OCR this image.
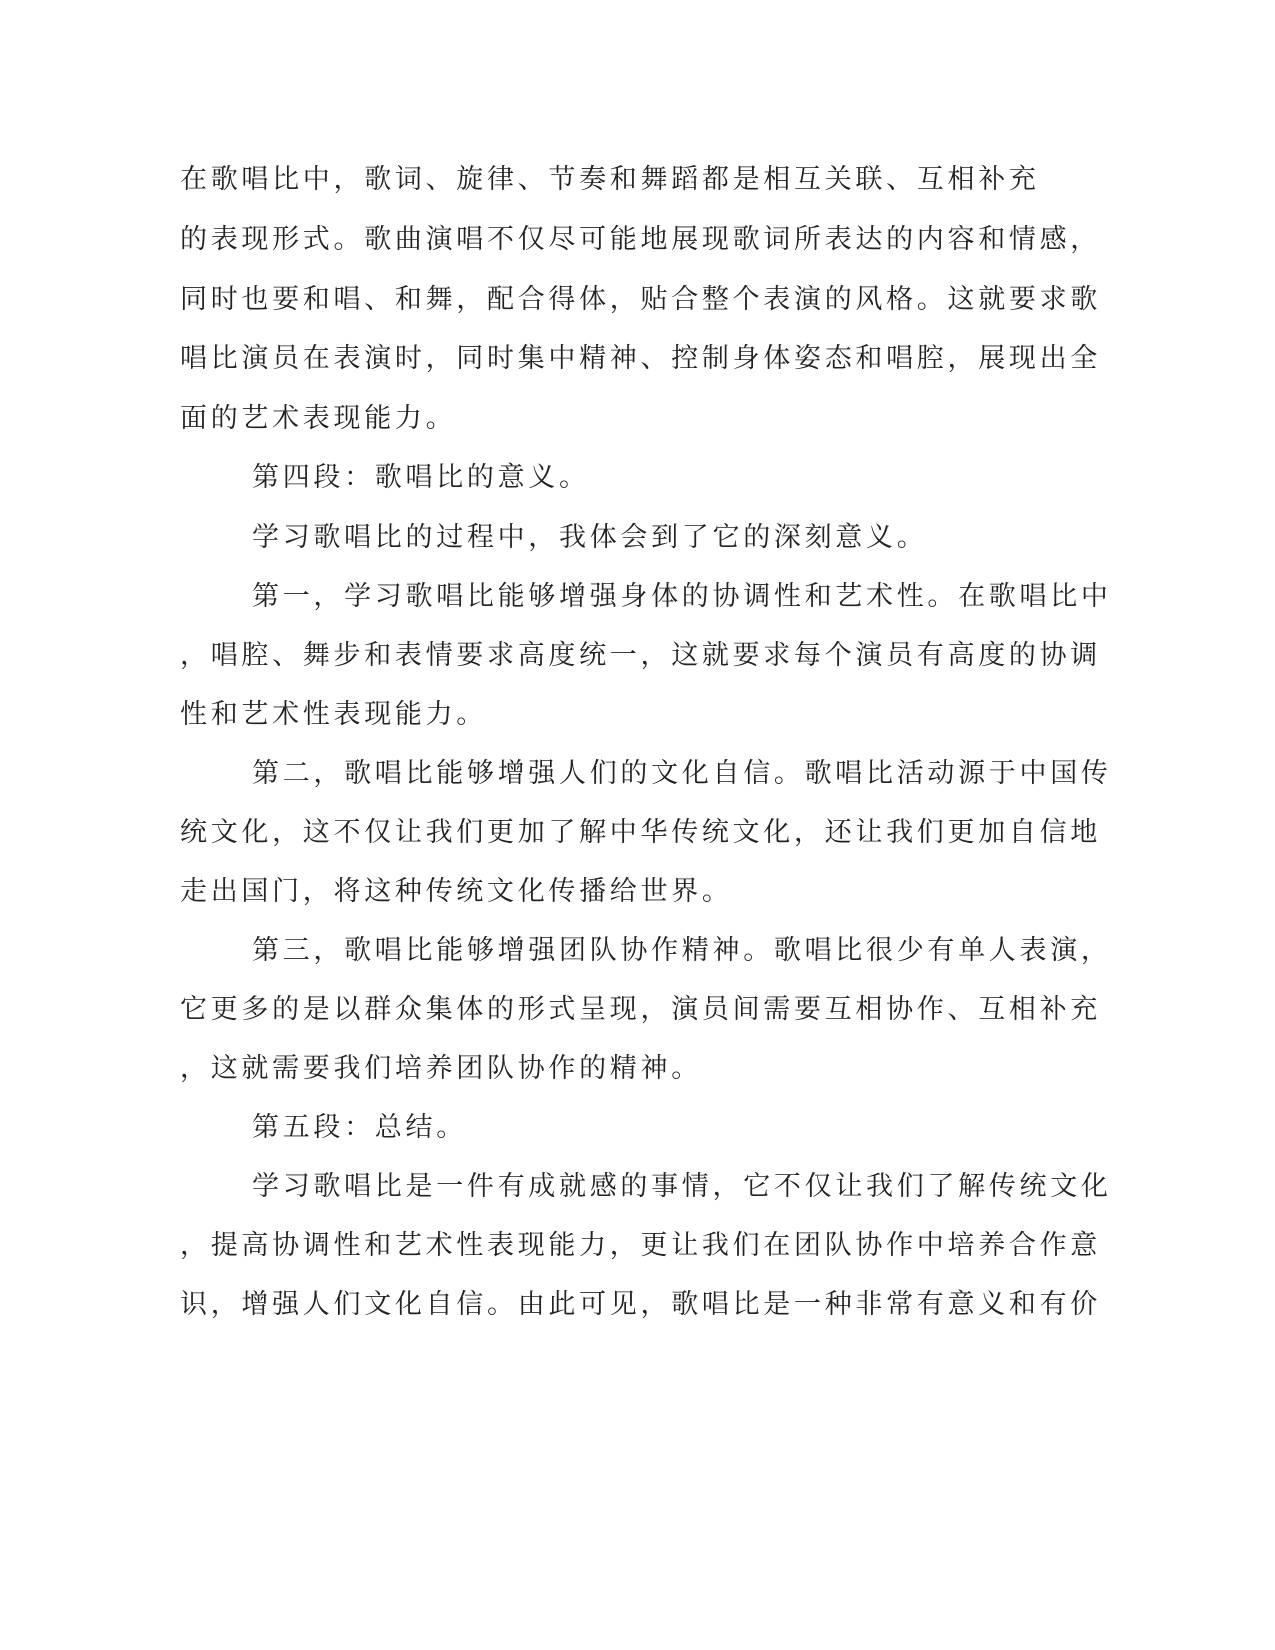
在歌唱比中，歌词、旋律、节奏和舞蹈都是相互关联、互相补充
的表现形式。歌曲演唱不仅尽可能地展现歌词所表达的内容和情感，
同时也要和唱、和舞，配合得体，贴合整个表演的风格。这就要求歌
唱比演员在表演时，同时集中精神、控制身体姿态和唱腔，展现出全
面的艺术表现能力。
第四段：歌唱比的意义。
学习歌唱比的过程中，我体会到了它的深刻意义。
第一，学习歌唱比能够增强身体的协调性和艺术性。在歌唱比中
，唱腔、舞步和表情要求高度统一，这就要求每个演员有高度的协调
性和艺术性表现能力。
第二，歌唱比能够增强人们的文化自信。歌唱比活动源于中国传
统文化，这不仅让我们更加了解中华传统文化，还让我们更加自信地
走出国门，将这种传统文化传播给世界。
第三，歌唱比能够增强团队协作精神。歌唱比很少有单人表演，
它更多的是以群众集体的形式呈现，演员间需要互相协作、互相补充
，这就需要我们培养团队协作的精神。
第五段：总结。
学习歌唱比是一件有成就感的事情，它不仅让我们了解传统文化
，提高协调性和艺术性表现能力，更让我们在团队协作中培养合作意
识，增强人们文化自信。由此可见，歌唱比是一种非常有意义和有价
